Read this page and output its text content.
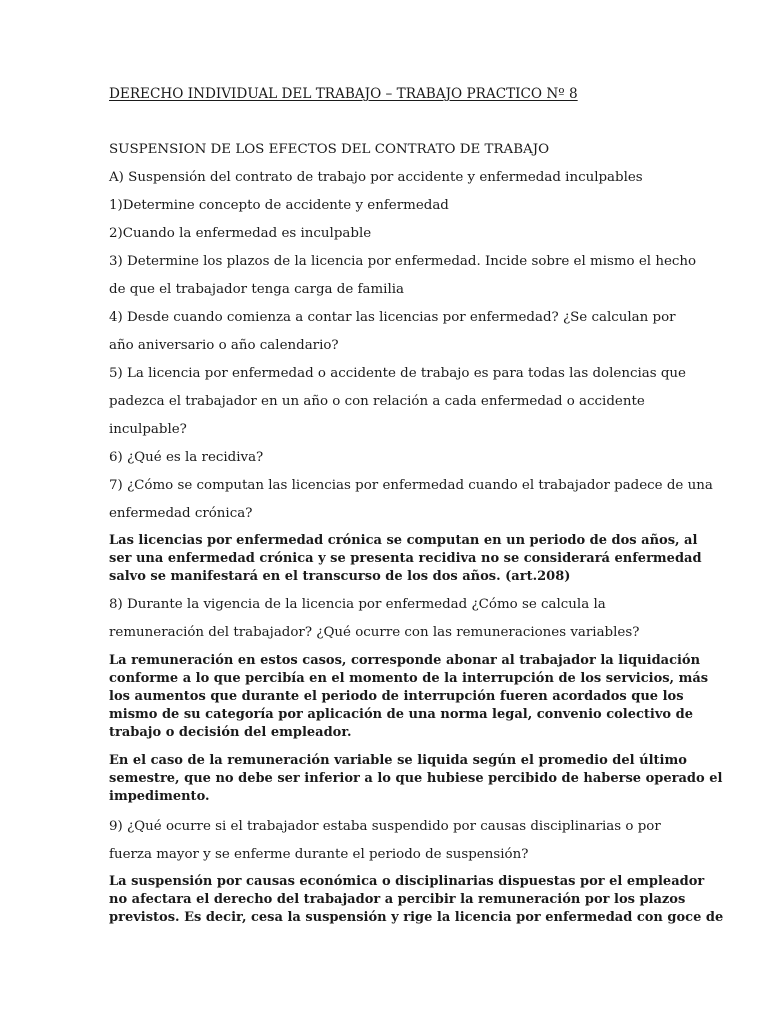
DERECHO INDIVIDUAL DEL TRABAJO – TRABAJO PRACTICO Nº 8

SUSPENSION DE LOS EFECTOS DEL CONTRATO DE TRABAJO

A) Suspensión del contrato de trabajo por accidente y enfermedad inculpables

1)Determine concepto de accidente y enfermedad

2)Cuando la enfermedad es inculpable

3) Determine los plazos de la licencia por enfermedad. Incide sobre el mismo el hecho

de que el trabajador tenga carga de familia

4) Desde cuando comienza a contar las licencias por enfermedad? ¿Se calculan por

año aniversario o año calendario?

5) La licencia por enfermedad o accidente de trabajo es para todas las dolencias que

padezca el trabajador en un año o con relación a cada enfermedad o accidente

inculpable?

6) ¿Qué es la recidiva?

7) ¿Cómo se computan las licencias por enfermedad cuando el trabajador padece de una

enfermedad crónica?

Las licencias por enfermedad crónica se computan en un periodo de dos años, al

ser una enfermedad crónica y se presenta recidiva no se considerará enfermedad

salvo se manifestará en el transcurso de los dos años. (art.208)

8) Durante la vigencia de la licencia por enfermedad ¿Cómo se calcula la

remuneración del trabajador? ¿Qué ocurre con las remuneraciones variables?

La remuneración en estos casos, corresponde abonar al trabajador la liquidación

conforme a lo que percibía en el momento de la interrupción de los servicios, más

los aumentos que durante el periodo de interrupción fueren acordados que los

mismo de su categoría por aplicación de una norma legal, convenio colectivo de

trabajo o decisión del empleador.

En el caso de la remuneración variable se liquida según el promedio del último

semestre, que no debe ser inferior a lo que hubiese percibido de haberse operado el

impedimento.

9) ¿Qué ocurre si el trabajador estaba suspendido por causas disciplinarias o por

fuerza mayor y se enferme durante el periodo de suspensión?

La suspensión por causas económica o disciplinarias dispuestas por el empleador

no afectara el derecho del trabajador a percibir la remuneración por los plazos

previstos. Es decir, cesa la suspensión y rige la licencia por enfermedad con goce de
